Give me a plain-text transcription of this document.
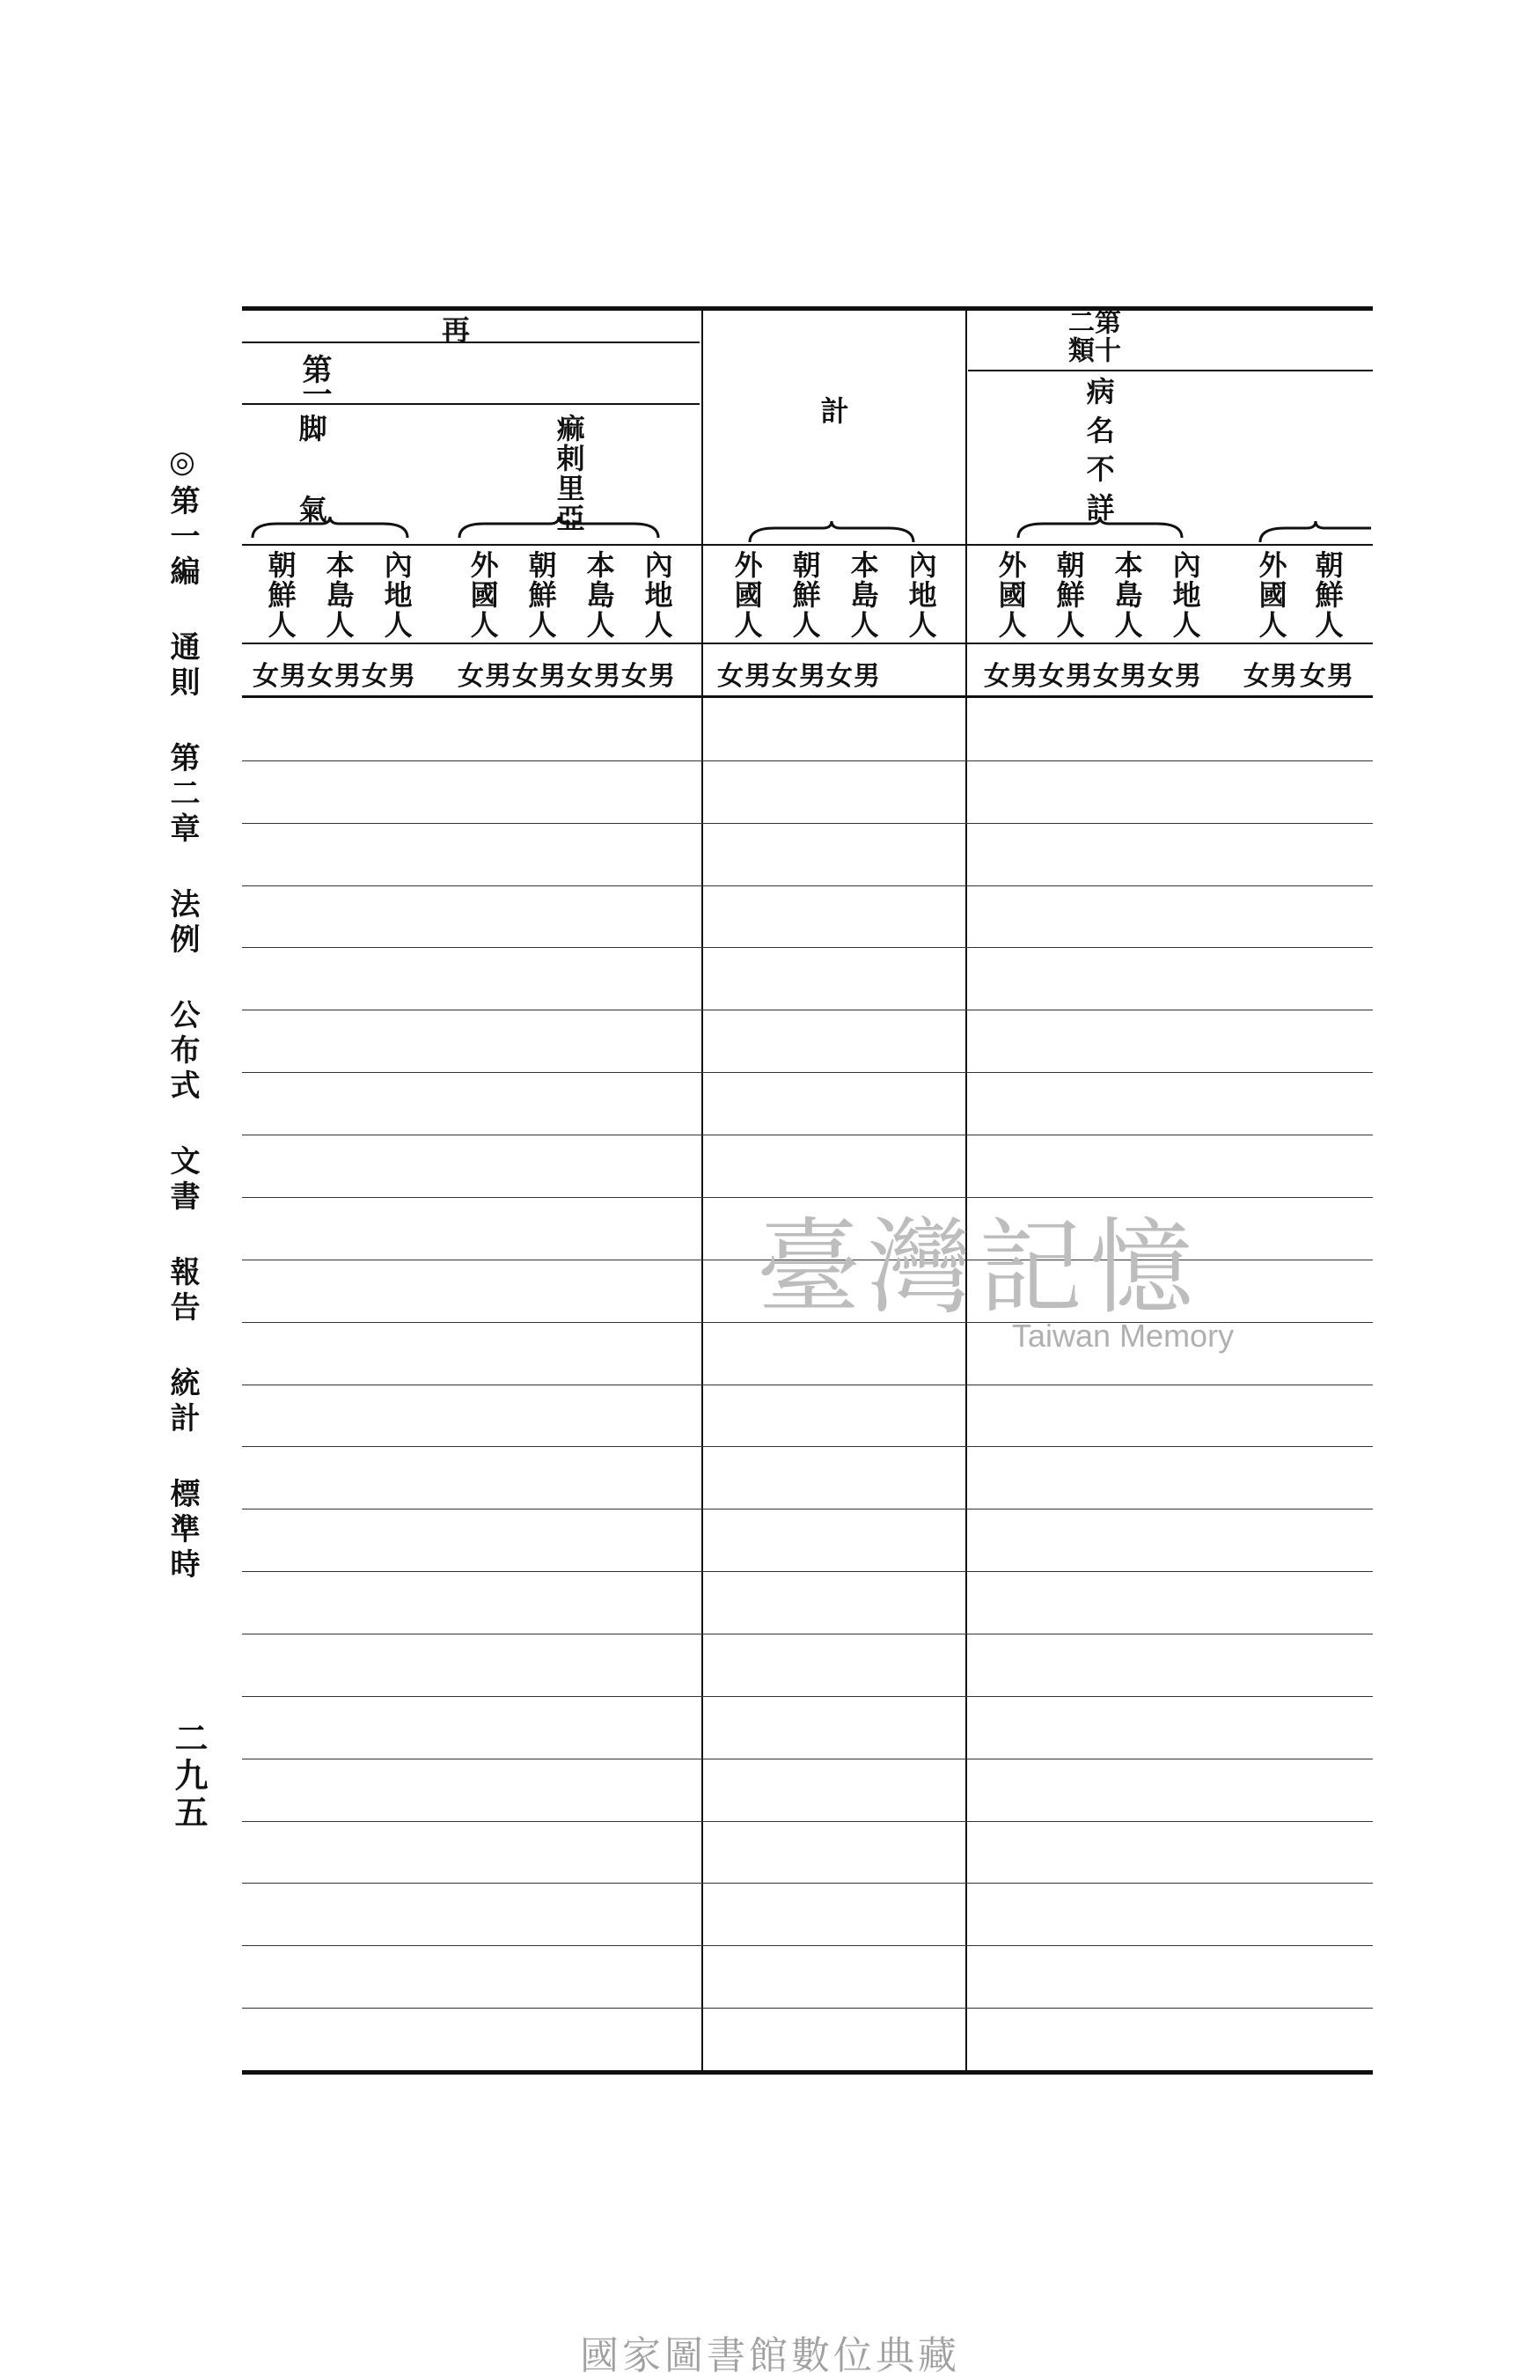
◎第一編 通則 第二章 法例 公布式 文書 報告 統計 標準時
二九五
再
第一
脚氣	痲剌里亞
計
第十二類
病名不詳
朝鮮人 本島人 內地人 外國人 朝鮮人 本島人 內地人 外國人 朝鮮人 本島人 內地人 外國人 朝鮮人 本島人 內地人 外國人 朝鮮人
女男女男女男 女男女男女男女男 女男女男女男	女男女男女男女男 女男 女男
臺灣記憶
Taiwan Memory
國家圖書館數位典藏
